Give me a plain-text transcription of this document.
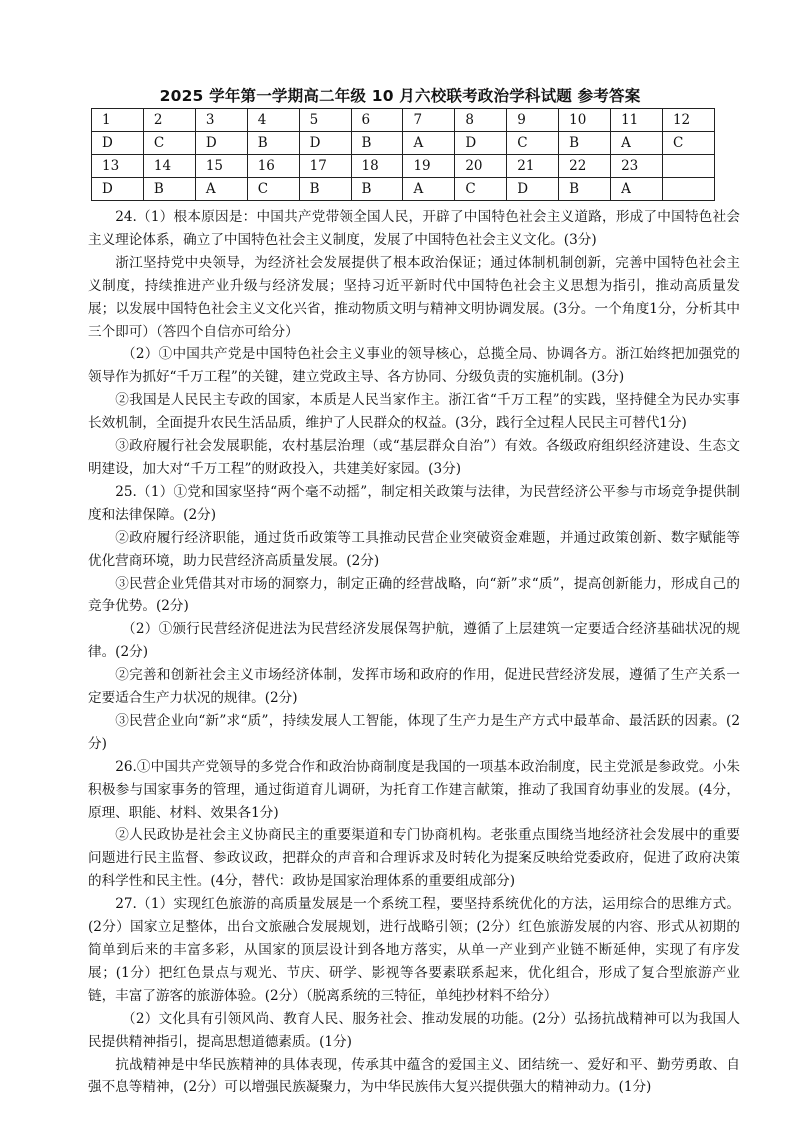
2025 学年第一学期高二年级 10 月六校联考政治学科试题 参考答案
1	2	3	4	5	6	7	8	9	10	11	12
D	C	D	B	D	B	A	D	C	B	A	C
13	14	15	16	17	18	19	20	21	22	23	
D	B	A	C	B	B	A	C	D	B	A	

24.（1）根本原因是：中国共产党带领全国人民，开辟了中国特色社会主义道路，形成了中国特色社会主义理论体系，确立了中国特色社会主义制度，发展了中国特色社会主义文化。(3分)

浙江坚持党中央领导，为经济社会发展提供了根本政治保证；通过体制机制创新，完善中国特色社会主义制度，持续推进产业升级与经济发展；坚持习近平新时代中国特色社会主义思想为指引，推动高质量发展；以发展中国特色社会主义文化兴省，推动物质文明与精神文明协调发展。(3分。一个角度1分，分析其中三个即可）（答四个自信亦可给分）

（2）①中国共产党是中国特色社会主义事业的领导核心，总揽全局、协调各方。浙江始终把加强党的领导作为抓好“千万工程”的关键，建立党政主导、各方协同、分级负责的实施机制。(3分)

②我国是人民民主专政的国家，本质是人民当家作主。浙江省“千万工程”的实践，坚持健全为民办实事长效机制，全面提升农民生活品质，维护了人民群众的权益。(3分，践行全过程人民民主可替代1分)

③政府履行社会发展职能，农村基层治理（或“基层群众自治”）有效。各级政府组织经济建设、生态文明建设，加大对“千万工程”的财政投入，共建美好家园。(3分)

25.（1）①党和国家坚持“两个毫不动摇”，制定相关政策与法律，为民营经济公平参与市场竞争提供制度和法律保障。(2分)

②政府履行经济职能，通过货币政策等工具推动民营企业突破资金难题，并通过政策创新、数字赋能等优化营商环境，助力民营经济高质量发展。(2分)

③民营企业凭借其对市场的洞察力，制定正确的经营战略，向“新”求“质”，提高创新能力，形成自己的竞争优势。(2分)

（2）①颁行民营经济促进法为民营经济发展保驾护航，遵循了上层建筑一定要适合经济基础状况的规律。(2分)

②完善和创新社会主义市场经济体制，发挥市场和政府的作用，促进民营经济发展，遵循了生产关系一定要适合生产力状况的规律。(2分)

③民营企业向“新”求“质”，持续发展人工智能，体现了生产力是生产方式中最革命、最活跃的因素。(2分)

26.①中国共产党领导的多党合作和政治协商制度是我国的一项基本政治制度，民主党派是参政党。小朱积极参与国家事务的管理，通过街道育儿调研，为托育工作建言献策，推动了我国育幼事业的发展。(4分，原理、职能、材料、效果各1分)

②人民政协是社会主义协商民主的重要渠道和专门协商机构。老张重点围绕当地经济社会发展中的重要问题进行民主监督、参政议政，把群众的声音和合理诉求及时转化为提案反映给党委政府，促进了政府决策的科学性和民主性。(4分，替代：政协是国家治理体系的重要组成部分)

27.（1）实现红色旅游的高质量发展是一个系统工程，要坚持系统优化的方法，运用综合的思维方式。(2分）国家立足整体，出台文旅融合发展规划，进行战略引领；(2分）红色旅游发展的内容、形式从初期的简单到后来的丰富多彩，从国家的顶层设计到各地方落实，从单一产业到产业链不断延伸，实现了有序发展；(1分）把红色景点与观光、节庆、研学、影视等各要素联系起来，优化组合，形成了复合型旅游产业链，丰富了游客的旅游体验。(2分）（脱离系统的三特征，单纯抄材料不给分）

（2）文化具有引领风尚、教育人民、服务社会、推动发展的功能。(2分）弘扬抗战精神可以为我国人民提供精神指引，提高思想道德素质。(1分)

抗战精神是中华民族精神的具体表现，传承其中蕴含的爱国主义、团结统一、爱好和平、勤劳勇敢、自强不息等精神，(2分）可以增强民族凝聚力，为中华民族伟大复兴提供强大的精神动力。(1分)
